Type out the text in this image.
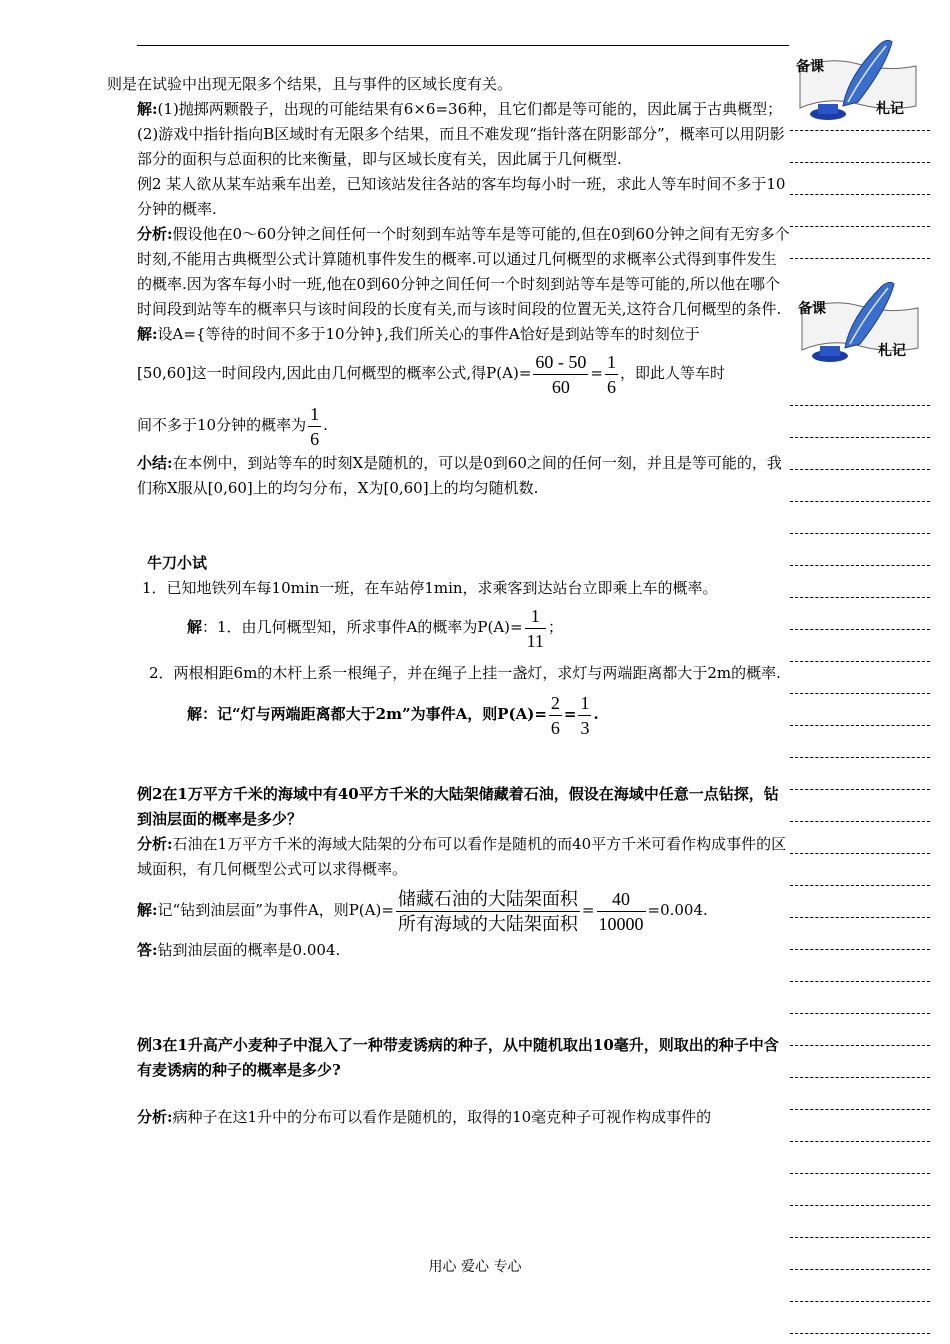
备课
札记
备课
札记

则是在试验中出现无限多个结果，且与事件的区域长度有关。

解:(1)抛掷两颗骰子，出现的可能结果有6×6=36种，且它们都是等可能的，因此属于古典概型；

(2)游戏中指针指向B区域时有无限多个结果，而且不难发现“指针落在阴影部分”，概率可以用阴影部分的面积与总面积的比来衡量，即与区域长度有关，因此属于几何概型.

例2 某人欲从某车站乘车出差，已知该站发往各站的客车均每小时一班，求此人等车时间不多于10分钟的概率.

分析:假设他在0～60分钟之间任何一个时刻到车站等车是等可能的,但在0到60分钟之间有无穷多个时刻,不能用古典概型公式计算随机事件发生的概率.可以通过几何概型的求概率公式得到事件发生的概率.因为客车每小时一班,他在0到60分钟之间任何一个时刻到站等车是等可能的,所以他在哪个时间段到站等车的概率只与该时间段的长度有关,而与该时间段的位置无关,这符合几何概型的条件.

解:设A={等待的时间不多于10分钟},我们所关心的事件A恰好是到站等车的时刻位于

[50,60]这一时间段内,因此由几何概型的概率公式,得$P(A)= \frac{60 - 50}{60} = \frac{1}{6}$ ，即此人等车时

间不多于10分钟的概率为 $\frac{1}{6}$ .

小结:在本例中，到站等车的时刻X是随机的，可以是0到60之间的任何一刻，并且是等可能的，我们称X服从[0,60]上的均匀分布，X为[0,60]上的均匀随机数.

牛刀小试

1．已知地铁列车每10min一班，在车站停1min，求乘客到达站台立即乘上车的概率。

解：1．由几何概型知，所求事件A的概率为$P(A)= \frac{1}{11}$ ；

2．两根相距6m的木杆上系一根绳子，并在绳子上挂一盏灯，求灯与两端距离都大于2m的概率.

解：记“灯与两端距离都大于2m”为事件A，则$P(A)= \frac{2}{6} = \frac{1}{3}$ .

例2在1万平方千米的海域中有40平方千米的大陆架储藏着石油，假设在海域中任意一点钻探，钻到油层面的概率是多少？

分析:石油在1万平方千米的海域大陆架的分布可以看作是随机的而40平方千米可看作构成事件的区域面积，有几何概型公式可以求得概率。

解:记“钻到油层面”为事件A，则$P(A)= \frac{\text{储藏石油的大陆架面积}}{\text{所有海域的大陆架面积}} = \frac{40}{10000} =0.004$.

答:钻到油层面的概率是0.004.

例3在1升高产小麦种子中混入了一种带麦诱病的种子，从中随机取出10毫升，则取出的种子中含有麦诱病的种子的概率是多少?

分析:病种子在这1升中的分布可以看作是随机的，取得的10毫克种子可视作构成事件的

用心 爱心 专心
